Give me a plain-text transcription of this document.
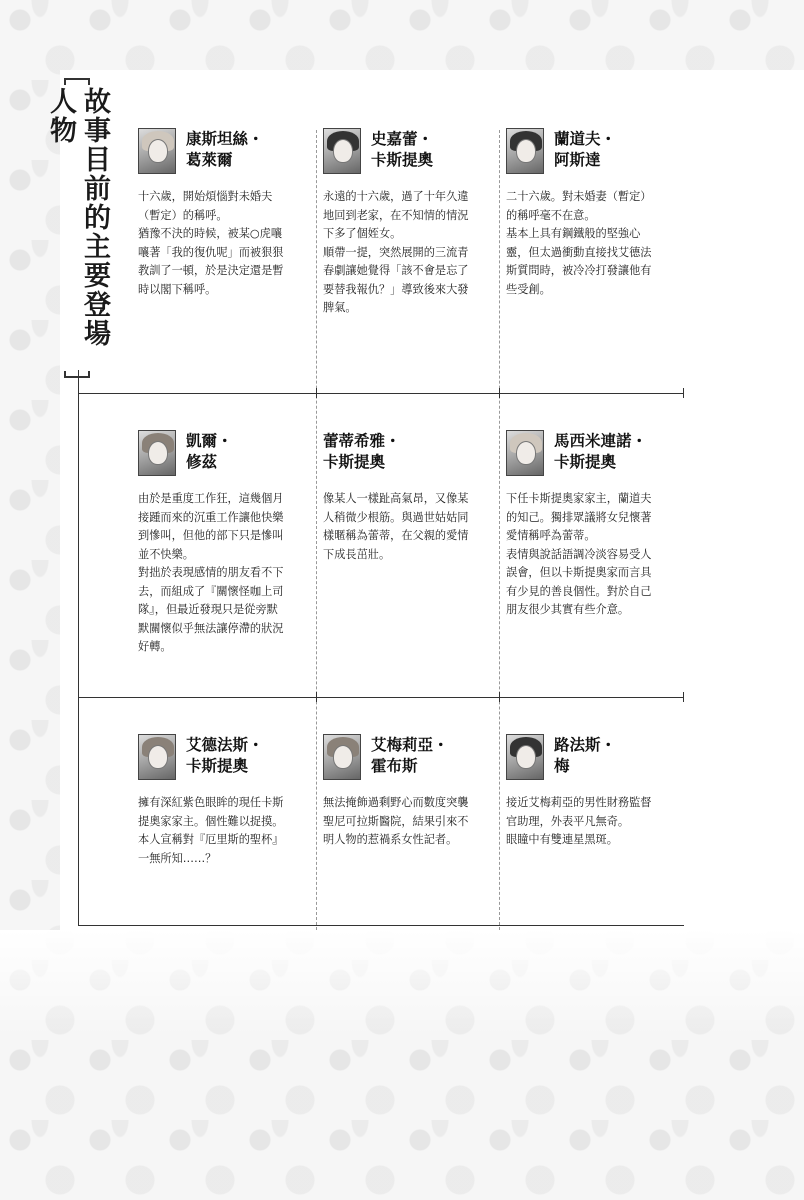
故事目前的主要登場人物	康斯坦絲・
葛萊爾
十六歲，開始煩惱對未婚夫
（暫定）的稱呼。
猶豫不決的時候，被某○虎嚷
嚷著「我的復仇呢」而被狠狠
教訓了一頓，於是決定還是暫
時以閣下稱呼。
史嘉蕾・
卡斯提奧
永遠的十六歲，過了十年久違
地回到老家，在不知情的情況
下多了個姪女。
順帶一提，突然展開的三流青
春劇讓她覺得「該不會是忘了
要替我報仇？」導致後來大發
脾氣。
蘭道夫・
阿斯達
二十六歲。對未婚妻（暫定）
的稱呼毫不在意。
基本上具有鋼鐵般的堅強心
靈，但太過衝動直接找艾德法
斯質問時，被冷冷打發讓他有
些受創。
凱爾・
修茲
由於是重度工作狂，這幾個月
接踵而來的沉重工作讓他快樂
到慘叫，但他的部下只是慘叫
並不快樂。
對拙於表現感情的朋友看不下
去，而組成了『關懷怪咖上司
隊』，但最近發現只是從旁默
默關懷似乎無法讓停滯的狀況
好轉。
蕾蒂希雅・
卡斯提奧
像某人一樣趾高氣昂，又像某
人稍微少根筋。與過世姑姑同
樣暱稱為蕾蒂，在父親的愛情
下成長茁壯。
馬西米連諾・
卡斯提奧
下任卡斯提奧家家主，蘭道夫
的知己。獨排眾議將女兒懷著
愛情稱呼為蕾蒂。
表情與說話語調冷淡容易受人
誤會，但以卡斯提奧家而言具
有少見的善良個性。對於自己
朋友很少其實有些介意。
艾德法斯・
卡斯提奧
擁有深紅紫色眼眸的現任卡斯
提奧家家主。個性難以捉摸。
本人宣稱對『厄里斯的聖杯』
一無所知……？
艾梅莉亞・
霍布斯
無法掩飾過剩野心而數度突襲
聖尼可拉斯醫院，結果引來不
明人物的惹禍系女性記者。
路法斯・
梅
接近艾梅莉亞的男性財務監督
官助理，外表平凡無奇。
眼瞳中有雙連星黑斑。
